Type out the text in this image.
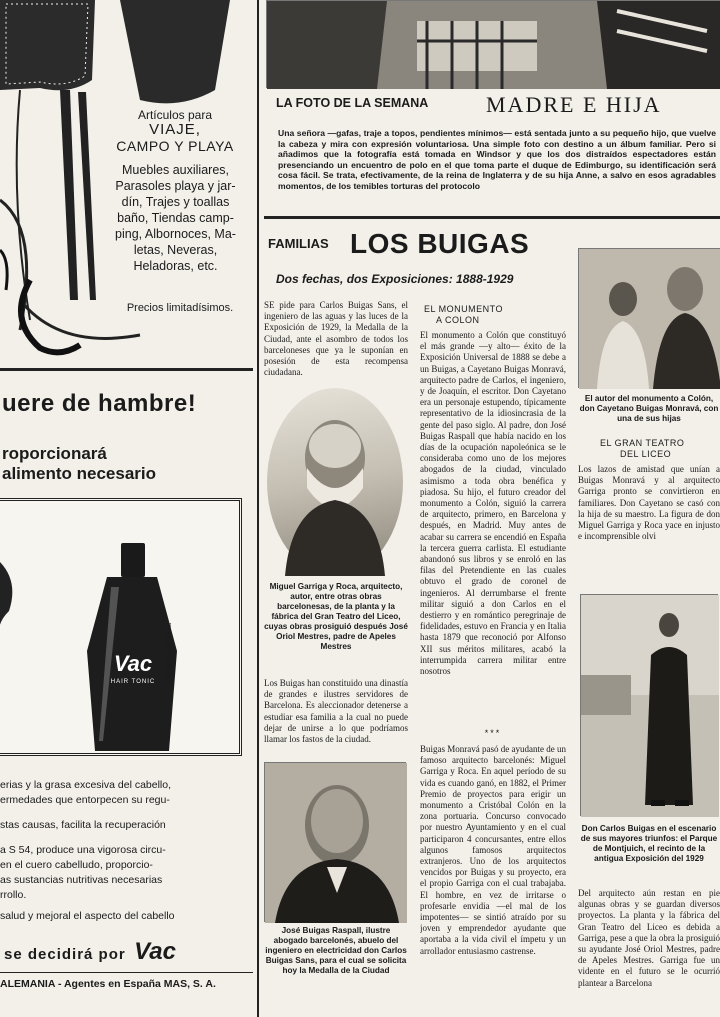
Artículos para
VIAJE,
CAMPO Y PLAYA
Muebles auxiliares,
Parasoles playa y jar-
dín, Trajes y toallas
baño, Tiendas camp-
ping, Albornoces, Ma-
letas, Neveras,
Heladoras, etc.
Precios limitadísimos.
uere de hambre!
roporcionará
alimento necesario
Vac
HAIR TONIC
CLIMAX - barcelona
erias y la grasa excesiva del cabello,
ermedades que entorpecen su regu-
stas causas, facilita la recuperación
a S 54, produce una vigorosa circu-
en el cuero cabelludo, proporcio-
as sustancias nutritivas necesarias
rrollo.
salud y mejoral el aspecto del cabello
se decidirá por Vac
ALEMANIA - Agentes en España MAS, S. A.
LA FOTO DE LA SEMANA	MADRE E HIJA
Una señora —gafas, traje a topos, pendientes mínimos— está sentada junto a su pequeño hijo, que vuelve la cabeza y mira con expresión voluntariosa. Una simple foto con destino a un álbum familiar. Pero si añadimos que la fotografía está tomada en Windsor y que los dos distraídos espectadores están presenciando un encuentro de polo en el que toma parte el duque de Edimburgo, su identificación será cosa fácil. Se trata, efectivamente, de la reina de Inglaterra y de su hija Anne, a salvo en esos agradables momentos, de los temibles torturas del protocolo
FAMILIAS LOS BUIGAS
Dos fechas, dos Exposiciones: 1888-1929
SE pide para Carlos Buigas Sans, el ingeniero de las aguas y las luces de la Exposición de 1929, la Medalla de la Ciudad, ante el asombro de todos los barceloneses que ya le suponían en posesión de esta recompensa ciudadana.
Miguel Garriga y Roca, arquitecto, autor, entre otras obras barcelonesas, de la planta y la fábrica del Gran Teatro del Liceo, cuyas obras prosiguió después José Oriol Mestres, padre de Apeles Mestres
Los Buigas han constituido una dinastía de grandes e ilustres servidores de Barcelona. Es aleccionador detenerse a estudiar esa familia a la cual no puede dejar de unirse a lo que podríamos llamar los fastos de la ciudad.
José Buigas Raspall, ilustre abogado barcelonés, abuelo del ingeniero en electricidad don Carlos Buigas Sans, para el cual se solicita hoy la Medalla de la Ciudad
EL MONUMENTO
A COLON
El monumento a Colón que constituyó el más grande —y alto— éxito de la Exposición Universal de 1888 se debe a un Buigas, a Cayetano Buigas Monravá, arquitecto padre de Carlos, el ingeniero, y de Joaquín, el escritor. Don Cayetano era un personaje estupendo, típicamente representativo de la idiosincrasia de la gente del paso siglo. Al padre, don José Buigas Raspall que había nacido en los días de la ocupación napoleónica se le consideraba como uno de los mejores abogados de la ciudad, vinculado asimismo a toda obra benéfica y piadosa. Su hijo, el futuro creador del monumento a Colón, siguió la carrera de arquitecto, primero, en Barcelona y después, en Madrid. Muy antes de acabar su carrera se encendió en España la tercera guerra carlista. El estudiante abandonó sus libros y se enroló en las filas del Pretendiente en las cuales obtuvo el grado de coronel de ingenieros. Al derrumbarse el frente militar siguió a don Carlos en el destierro y en romántico peregrinaje de fidelidades, estuvo en Francia y en Italia hasta 1879 que reconoció por Alfonso XII sus méritos militares, acabó la interrumpida carrera militar entre nosotros
***
Buigas Monravá pasó de ayudante de un famoso arquitecto barcelonés: Miguel Garriga y Roca. En aquel período de su vida es cuando ganó, en 1882, el Primer Premio de proyectos para erigir un monumento a Cristóbal Colón en la zona portuaria. Concurso convocado por nuestro Ayuntamiento y en el cual participaron 4 concursantes, entre ellos algunos famosos arquitectos extranjeros. Uno de los arquitectos vencidos por Buigas y su proyecto, era el propio Garriga con el cual trabajaba. El hombre, en vez de irritarse o profesarle envidia —el mal de los impotentes— se sintió atraído por su joven y emprendedor ayudante que aportaba a la vida civil el ímpetu y un arrollador entusiasmo castrense.
El autor del monumento a Colón, don Cayetano Buigas Monravá, con una de sus hijas
EL GRAN TEATRO
DEL LICEO
Los lazos de amistad que unían a Buigas Monravá y al arquitecto Garriga pronto se convirtieron en familiares. Don Cayetano se casó con la hija de su maestro. La figura de don Miguel Garriga y Roca yace en injusto e incomprensible olvi
Don Carlos Buigas en el escenario de sus mayores triunfos: el Parque de Montjuich, el recinto de la antigua Exposición del 1929
Del arquitecto aún restan en pie algunas obras y se guardan diversos proyectos. La planta y la fábrica del Gran Teatro del Liceo es debida a Garriga, pese a que la obra la prosiguió su ayudante José Oriol Mestres, padre de Apeles Mestres. Garriga fue un vidente en el futuro se le ocurrió plantear a Barcelona
